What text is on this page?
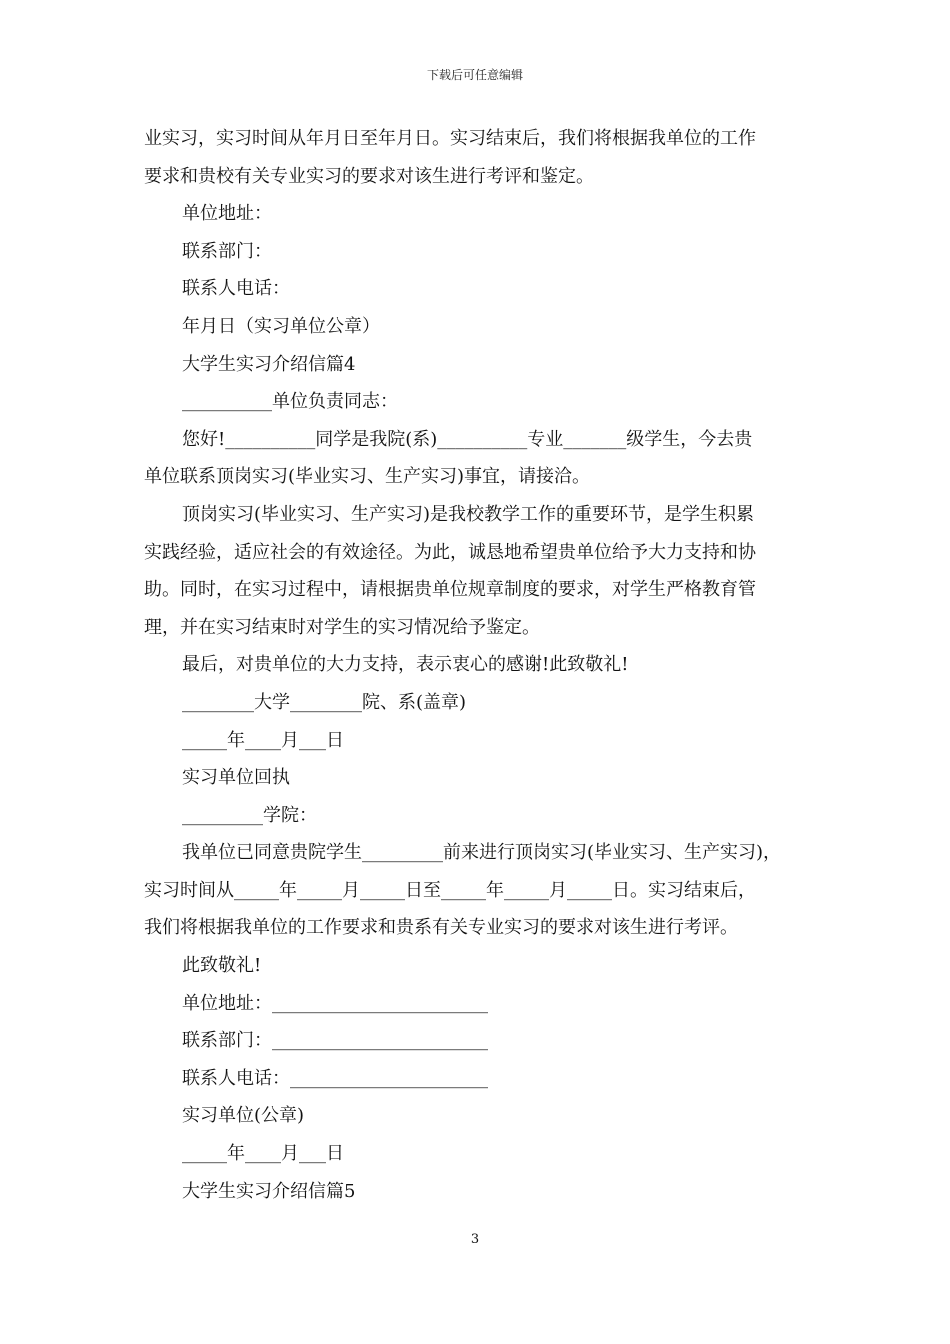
下载后可任意编辑
业实习，实习时间从年月日至年月日。实习结束后，我们将根据我单位的工作
要求和贵校有关专业实习的要求对该生进行考评和鉴定。
单位地址：
联系部门：
联系人电话：
年月日（实习单位公章）
大学生实习介绍信篇4
__________单位负责同志：
您好!__________同学是我院(系)__________专业_______级学生，今去贵
单位联系顶岗实习(毕业实习、生产实习)事宜，请接洽。
顶岗实习(毕业实习、生产实习)是我校教学工作的重要环节，是学生积累
实践经验，适应社会的有效途径。为此，诚恳地希望贵单位给予大力支持和协
助。同时，在实习过程中，请根据贵单位规章制度的要求，对学生严格教育管
理，并在实习结束时对学生的实习情况给予鉴定。
最后，对贵单位的大力支持，表示衷心的感谢!此致敬礼!
________大学________院、系(盖章)
_____年____月___日
实习单位回执
_________学院：
我单位已同意贵院学生_________前来进行顶岗实习(毕业实习、生产实习)，
实习时间从_____年_____月_____日至_____年_____月_____日。实习结束后，
我们将根据我单位的工作要求和贵系有关专业实习的要求对该生进行考评。
此致敬礼!
单位地址：________________________
联系部门：________________________
联系人电话：______________________
实习单位(公章)
_____年____月___日
大学生实习介绍信篇5
3
